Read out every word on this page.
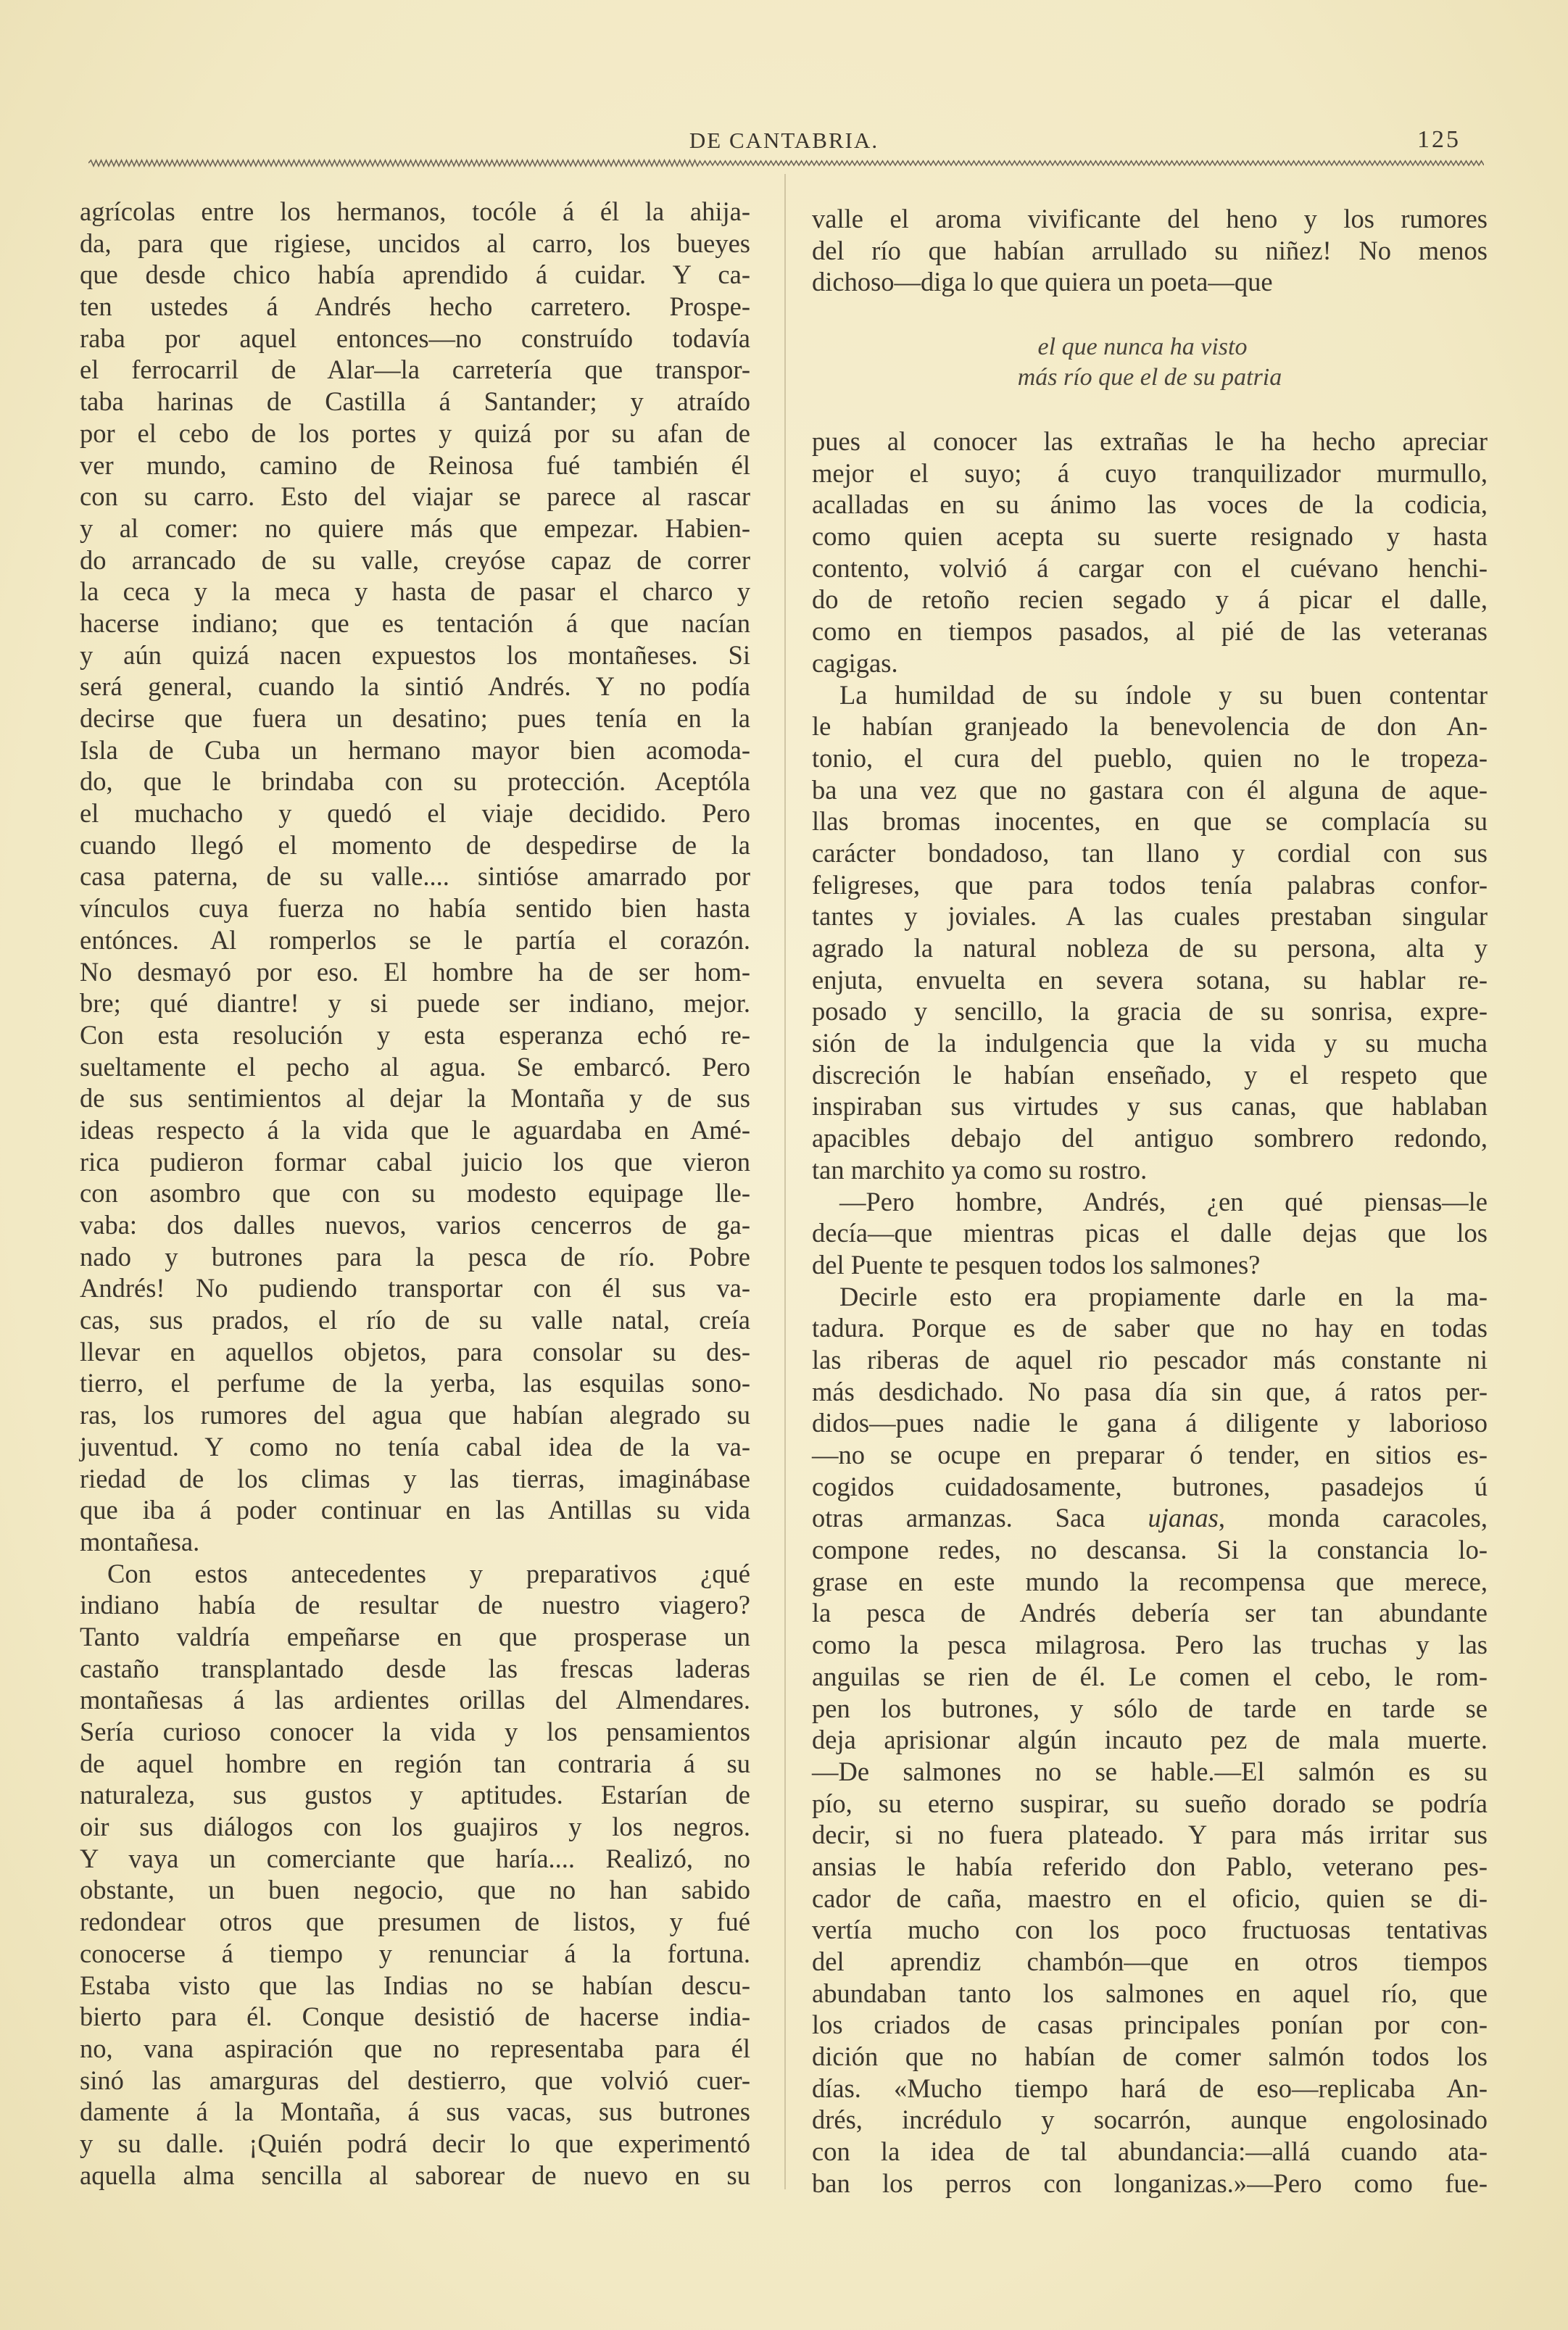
DE CANTABRIA.	125
agrícolas entre los hermanos, tocóle á él la ahija-
da, para que rigiese, uncidos al carro, los bueyes
que desde chico había aprendido á cuidar. Y ca-
ten ustedes á Andrés hecho carretero. Prospe-
raba por aquel entonces—no construído todavía
el ferrocarril de Alar—la carretería que transpor-
taba harinas de Castilla á Santander; y atraído
por el cebo de los portes y quizá por su afan de
ver mundo, camino de Reinosa fué también él
con su carro. Esto del viajar se parece al rascar
y al comer: no quiere más que empezar. Habien-
do arrancado de su valle, creyóse capaz de correr
la ceca y la meca y hasta de pasar el charco y
hacerse indiano; que es tentación á que nacían
y aún quizá nacen expuestos los montañeses. Si
será general, cuando la sintió Andrés. Y no podía
decirse que fuera un desatino; pues tenía en la
Isla de Cuba un hermano mayor bien acomoda-
do, que le brindaba con su protección. Aceptóla
el muchacho y quedó el viaje decidido. Pero
cuando llegó el momento de despedirse de la
casa paterna, de su valle.... sintióse amarrado por
vínculos cuya fuerza no había sentido bien hasta
entónces. Al romperlos se le partía el corazón.
No desmayó por eso. El hombre ha de ser hom-
bre; qué diantre! y si puede ser indiano, mejor.
Con esta resolución y esta esperanza echó re-
sueltamente el pecho al agua. Se embarcó. Pero
de sus sentimientos al dejar la Montaña y de sus
ideas respecto á la vida que le aguardaba en Amé-
rica pudieron formar cabal juicio los que vieron
con asombro que con su modesto equipage lle-
vaba: dos dalles nuevos, varios cencerros de ga-
nado y butrones para la pesca de río. Pobre
Andrés! No pudiendo transportar con él sus va-
cas, sus prados, el río de su valle natal, creía
llevar en aquellos objetos, para consolar su des-
tierro, el perfume de la yerba, las esquilas sono-
ras, los rumores del agua que habían alegrado su
juventud. Y como no tenía cabal idea de la va-
riedad de los climas y las tierras, imaginábase
que iba á poder continuar en las Antillas su vida
montañesa.
Con estos antecedentes y preparativos ¿qué
indiano había de resultar de nuestro viagero?
Tanto valdría empeñarse en que prosperase un
castaño transplantado desde las frescas laderas
montañesas á las ardientes orillas del Almendares.
Sería curioso conocer la vida y los pensamientos
de aquel hombre en región tan contraria á su
naturaleza, sus gustos y aptitudes. Estarían de
oir sus diálogos con los guajiros y los negros.
Y vaya un comerciante que haría.... Realizó, no
obstante, un buen negocio, que no han sabido
redondear otros que presumen de listos, y fué
conocerse á tiempo y renunciar á la fortuna.
Estaba visto que las Indias no se habían descu-
bierto para él. Conque desistió de hacerse india-
no, vana aspiración que no representaba para él
sinó las amarguras del destierro, que volvió cuer-
damente á la Montaña, á sus vacas, sus butrones
y su dalle. ¡Quién podrá decir lo que experimentó
aquella alma sencilla al saborear de nuevo en su
valle el aroma vivificante del heno y los rumores
del río que habían arrullado su niñez! No menos
dichoso—diga lo que quiera un poeta—que
el que nunca ha visto
más río que el de su patria
pues al conocer las extrañas le ha hecho apreciar
mejor el suyo; á cuyo tranquilizador murmullo,
acalladas en su ánimo las voces de la codicia,
como quien acepta su suerte resignado y hasta
contento, volvió á cargar con el cuévano henchi-
do de retoño recien segado y á picar el dalle,
como en tiempos pasados, al pié de las veteranas
cagigas.
La humildad de su índole y su buen contentar
le habían granjeado la benevolencia de don An-
tonio, el cura del pueblo, quien no le tropeza-
ba una vez que no gastara con él alguna de aque-
llas bromas inocentes, en que se complacía su
carácter bondadoso, tan llano y cordial con sus
feligreses, que para todos tenía palabras confor-
tantes y joviales. A las cuales prestaban singular
agrado la natural nobleza de su persona, alta y
enjuta, envuelta en severa sotana, su hablar re-
posado y sencillo, la gracia de su sonrisa, expre-
sión de la indulgencia que la vida y su mucha
discreción le habían enseñado, y el respeto que
inspiraban sus virtudes y sus canas, que hablaban
apacibles debajo del antiguo sombrero redondo,
tan marchito ya como su rostro.
—Pero hombre, Andrés, ¿en qué piensas—le
decía—que mientras picas el dalle dejas que los
del Puente te pesquen todos los salmones?
Decirle esto era propiamente darle en la ma-
tadura. Porque es de saber que no hay en todas
las riberas de aquel rio pescador más constante ni
más desdichado. No pasa día sin que, á ratos per-
didos—pues nadie le gana á diligente y laborioso
—no se ocupe en preparar ó tender, en sitios es-
cogidos cuidadosamente, butrones, pasadejos ú
otras armanzas. Saca ujanas, monda caracoles,
compone redes, no descansa. Si la constancia lo-
grase en este mundo la recompensa que merece,
la pesca de Andrés debería ser tan abundante
como la pesca milagrosa. Pero las truchas y las
anguilas se rien de él. Le comen el cebo, le rom-
pen los butrones, y sólo de tarde en tarde se
deja aprisionar algún incauto pez de mala muerte.
—De salmones no se hable.—El salmón es su
pío, su eterno suspirar, su sueño dorado se podría
decir, si no fuera plateado. Y para más irritar sus
ansias le había referido don Pablo, veterano pes-
cador de caña, maestro en el oficio, quien se di-
vertía mucho con los poco fructuosas tentativas
del aprendiz chambón—que en otros tiempos
abundaban tanto los salmones en aquel río, que
los criados de casas principales ponían por con-
dición que no habían de comer salmón todos los
días. «Mucho tiempo hará de eso—replicaba An-
drés, incrédulo y socarrón, aunque engolosinado
con la idea de tal abundancia:—allá cuando ata-
ban los perros con longanizas.»—Pero como fue-
